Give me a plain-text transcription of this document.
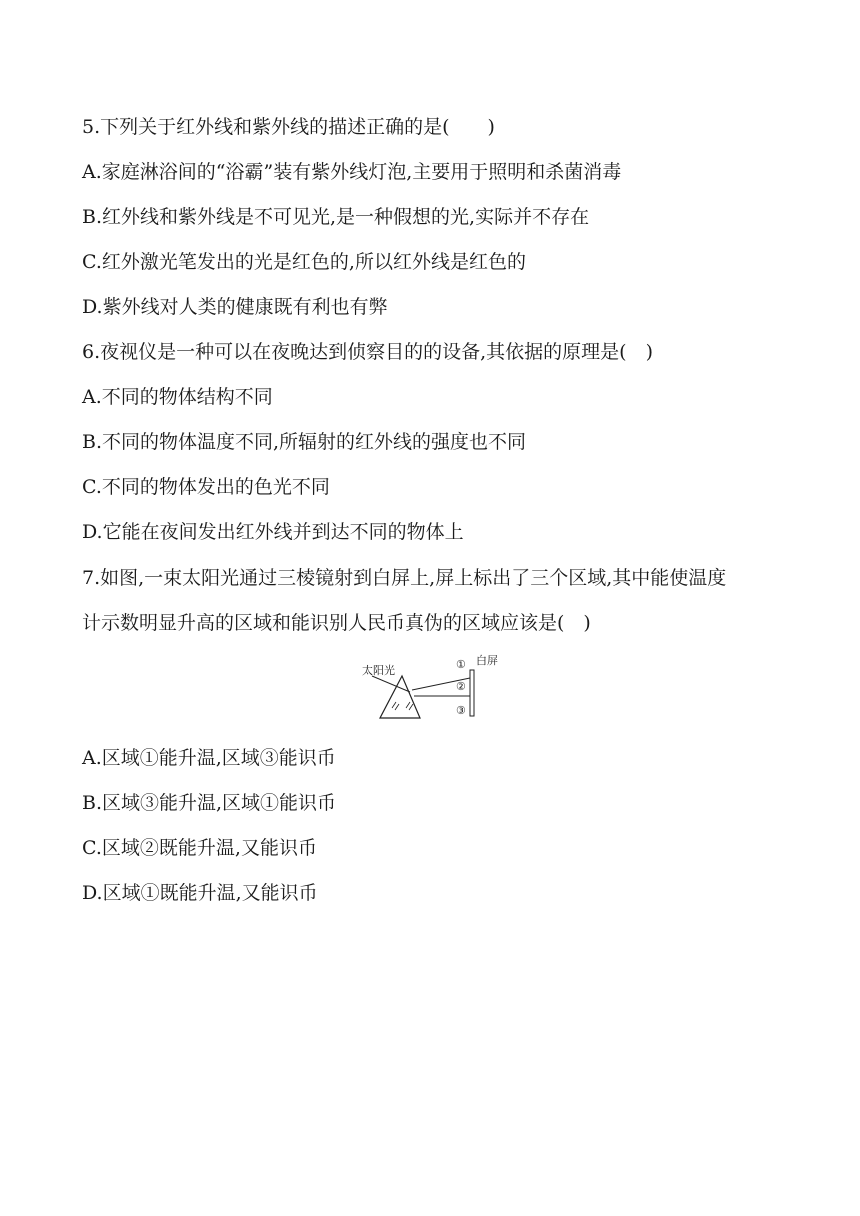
5.下列关于红外线和紫外线的描述正确的是(　　)
A.家庭淋浴间的“浴霸”装有紫外线灯泡,主要用于照明和杀菌消毒
B.红外线和紫外线是不可见光,是一种假想的光,实际并不存在
C.红外激光笔发出的光是红色的,所以红外线是红色的
D.紫外线对人类的健康既有利也有弊
6.夜视仪是一种可以在夜晚达到侦察目的的设备,其依据的原理是(　)
A.不同的物体结构不同
B.不同的物体温度不同,所辐射的红外线的强度也不同
C.不同的物体发出的色光不同
D.它能在夜间发出红外线并到达不同的物体上
7.如图,一束太阳光通过三棱镜射到白屏上,屏上标出了三个区域,其中能使温度
计示数明显升高的区域和能识别人民币真伪的区域应该是(　)
太阳光
白屏
①
②
③
A.区域①能升温,区域③能识币
B.区域③能升温,区域①能识币
C.区域②既能升温,又能识币
D.区域①既能升温,又能识币
